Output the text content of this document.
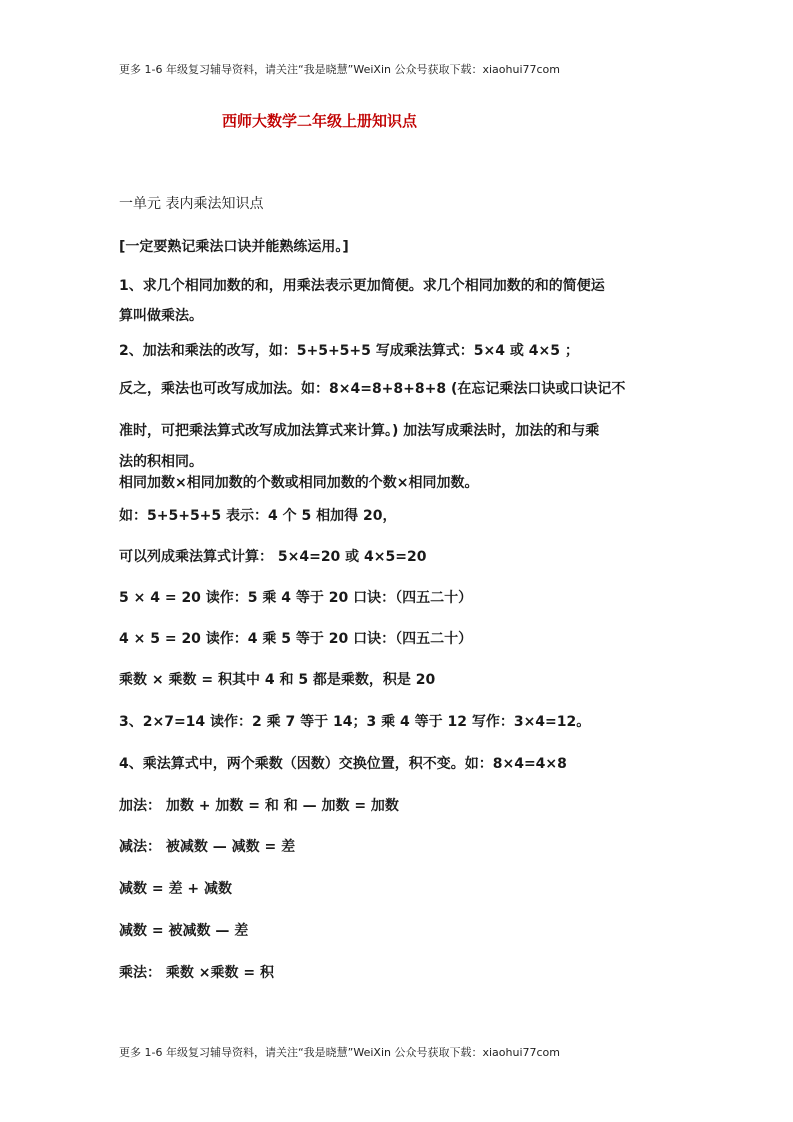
更多 1-6 年级复习辅导资料，请关注“我是晓慧”WeiXin 公众号获取下载：xiaohui77com
西师大数学二年级上册知识点
一单元 表内乘法知识点
[一定要熟记乘法口诀并能熟练运用。]
1、求几个相同加数的和，用乘法表示更加简便。求几个相同加数的和的简便运
算叫做乘法。
2、加法和乘法的改写，如：5+5+5+5 写成乘法算式：5×4 或 4×5 ；
反之，乘法也可改写成加法。如：8×4=8+8+8+8 (在忘记乘法口诀或口诀记不
准时，可把乘法算式改写成加法算式来计算。) 加法写成乘法时，加法的和与乘
法的积相同。
相同加数×相同加数的个数或相同加数的个数×相同加数。
如：5+5+5+5 表示：4 个 5 相加得 20，
可以列成乘法算式计算： 5×4=20 或 4×5=20
5 × 4 = 20 读作：5 乘 4 等于 20 口诀：（四五二十）
4 × 5 = 20 读作：4 乘 5 等于 20 口诀：（四五二十）
乘数 × 乘数 = 积其中 4 和 5 都是乘数，积是 20
3、2×7=14 读作：2 乘 7 等于 14；3 乘 4 等于 12 写作：3×4=12。
4、乘法算式中，两个乘数（因数）交换位置，积不变。如：8×4=4×8
加法： 加数 + 加数 = 和 和 — 加数 = 加数
减法： 被减数 — 减数 = 差
减数 = 差 + 减数
减数 = 被减数 — 差
乘法： 乘数 ×乘数 = 积
更多 1-6 年级复习辅导资料，请关注“我是晓慧”WeiXin 公众号获取下载：xiaohui77com
